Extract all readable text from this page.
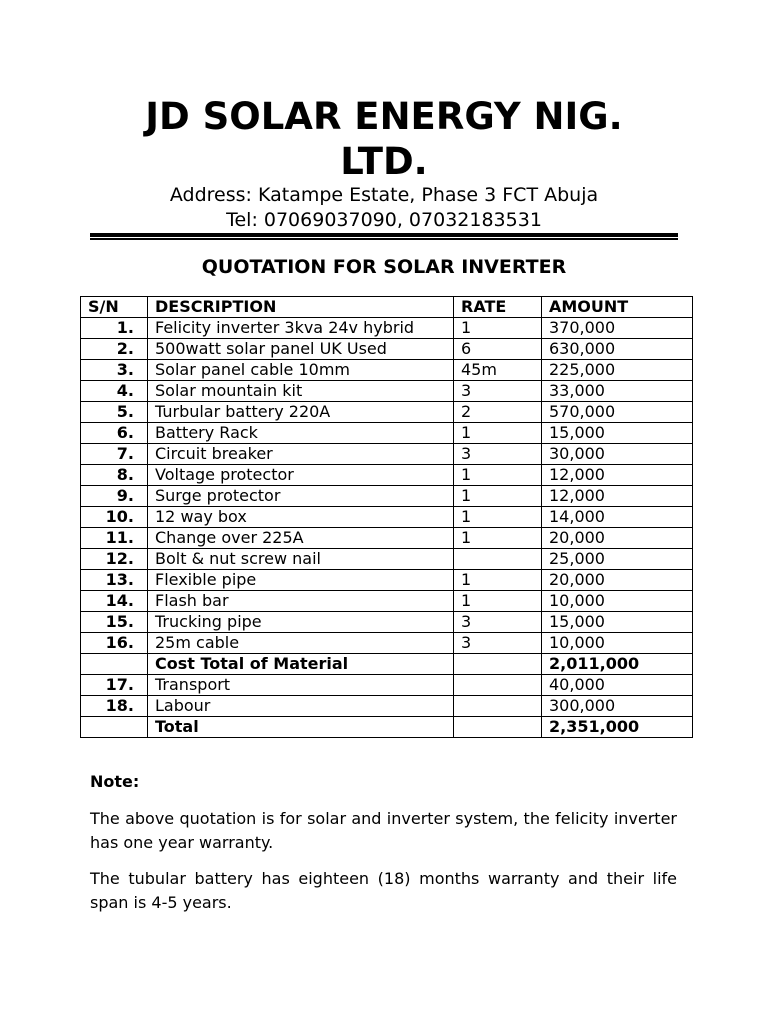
JD SOLAR ENERGY NIG.
LTD.
Address: Katampe Estate, Phase 3 FCT Abuja
Tel: 07069037090, 07032183531
QUOTATION FOR SOLAR INVERTER
S/N	DESCRIPTION	RATE	AMOUNT
1.	Felicity inverter 3kva 24v hybrid	1	370,000
2.	500watt solar panel UK Used	6	630,000
3.	Solar panel cable 10mm	45m	225,000
4.	Solar mountain kit	3	33,000
5.	Turbular battery 220A	2	570,000
6.	Battery Rack	1	15,000
7.	Circuit breaker	3	30,000
8.	Voltage protector	1	12,000
9.	Surge protector	1	12,000
10.	12 way box	1	14,000
11.	Change over 225A	1	20,000
12.	Bolt & nut screw nail		25,000
13.	Flexible pipe	1	20,000
14.	Flash bar	1	10,000
15.	Trucking pipe	3	15,000
16.	25m cable	3	10,000
	Cost Total of Material		2,011,000
17.	Transport		40,000
18.	Labour		300,000
	Total		2,351,000
Note:
The above quotation is for solar and inverter system, the felicity inverter has one year warranty.
The tubular battery has eighteen (18) months warranty and their life span is 4-5 years.
